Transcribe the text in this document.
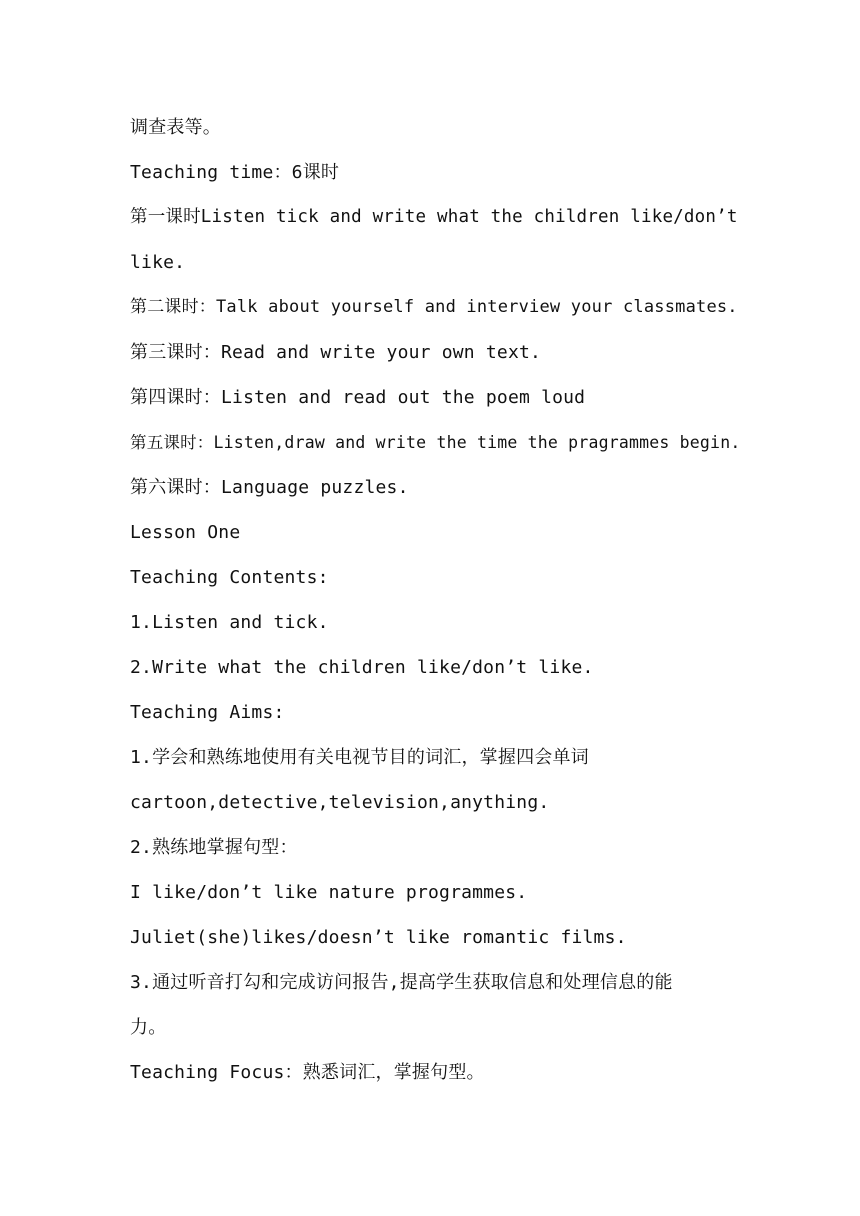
调查表等。
Teaching time：6课时
第一课时Listen tick and write what the children like/don’t
like.
第二课时：Talk about yourself and interview your classmates.
第三课时：Read and write your own text.
第四课时：Listen and read out the poem loud
第五课时：Listen,draw and write the time the pragrammes begin.
第六课时：Language puzzles.
Lesson One
Teaching Contents:
1.Listen and tick.
2.Write what the children like/don’t like.
Teaching Aims:
1.学会和熟练地使用有关电视节目的词汇，掌握四会单词
cartoon,detective,television,anything.
2.熟练地掌握句型：
I like/don’t like nature programmes.
Juliet(she)likes/doesn’t like romantic films.
3.通过听音打勾和完成访问报告,提高学生获取信息和处理信息的能
力。
Teaching Focus：熟悉词汇，掌握句型。
